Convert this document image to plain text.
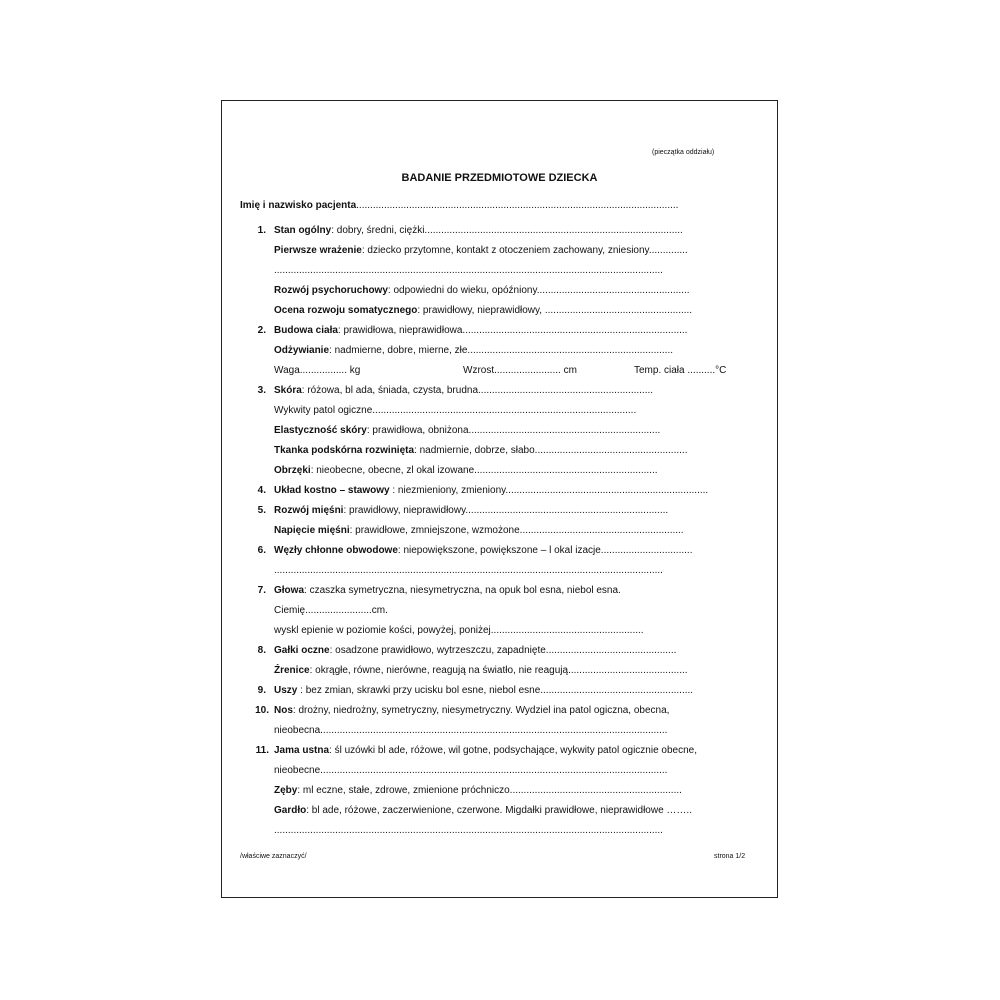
(pieczątka oddziału)
BADANIE PRZEDMIOTOWE DZIECKA
Imię i nazwisko pacjenta....................................................................................................................
1. Stan ogólny: dobry, średni, ciężki.............................................................................................
Pierwsze wrażenie: dziecko przytomne, kontakt z otoczeniem zachowany, zniesiony..............
............................................................................................................................................
Rozwój psychoruchowy: odpowiedni do wieku, opóźniony.......................................................
Ocena rozwoju somatycznego: prawidłowy, nieprawidłowy, .....................................................
2. Budowa ciała: prawidłowa, nieprawidłowa.................................................................................
Odżywianie: nadmierne, dobre, mierne, złe..........................................................................
Waga................. kg	Wzrost........................ cm	Temp. ciała ..........°C
3. Skóra: różowa, bl ada, śniada, czysta, brudna...............................................................
Wykwity patol ogiczne...............................................................................................
Elastyczność skóry: prawidłowa, obniżona.....................................................................
Tkanka podskórna rozwinięta: nadmiernie, dobrze, słabo.......................................................
Obrzęki: nieobecne, obecne, zl okal izowane..................................................................
4. Układ kostno – stawowy : niezmieniony, zmieniony.........................................................................
5. Rozwój mięśni: prawidłowy, nieprawidłowy.........................................................................
Napięcie mięśni: prawidłowe, zmniejszone, wzmożone...........................................................
6. Węzły chłonne obwodowe: niepowiększone, powiększone – l okal izacje.................................
............................................................................................................................................
7. Głowa: czaszka symetryczna, niesymetryczna, na opuk bol esna, niebol esna.
Ciemię........................cm.
wyskl epienie w poziomie kości, powyżej, poniżej.......................................................
8. Gałki oczne: osadzone prawidłowo, wytrzeszczu, zapadnięte...............................................
Źrenice: okrągłe, równe, nierówne, reagują na światło, nie reagują...........................................
9. Uszy : bez zmian, skrawki przy ucisku bol esne, niebol esne.......................................................
10. Nos: drożny, niedrożny, symetryczny, niesymetryczny. Wydziel ina patol ogiczna, obecna,
nieobecna.............................................................................................................................
11. Jama ustna: śl uzówki bl ade, różowe, wil gotne, podsychające, wykwity patol ogicznie obecne,
nieobecne.............................................................................................................................
Zęby: ml eczne, stałe, zdrowe, zmienione próchniczo..............................................................
Gardło: bl ade, różowe, zaczerwienione, czerwone. Migdałki prawidłowe, nieprawidłowe ……..
............................................................................................................................................
/właściwe zaznaczyć/	strona 1/2
